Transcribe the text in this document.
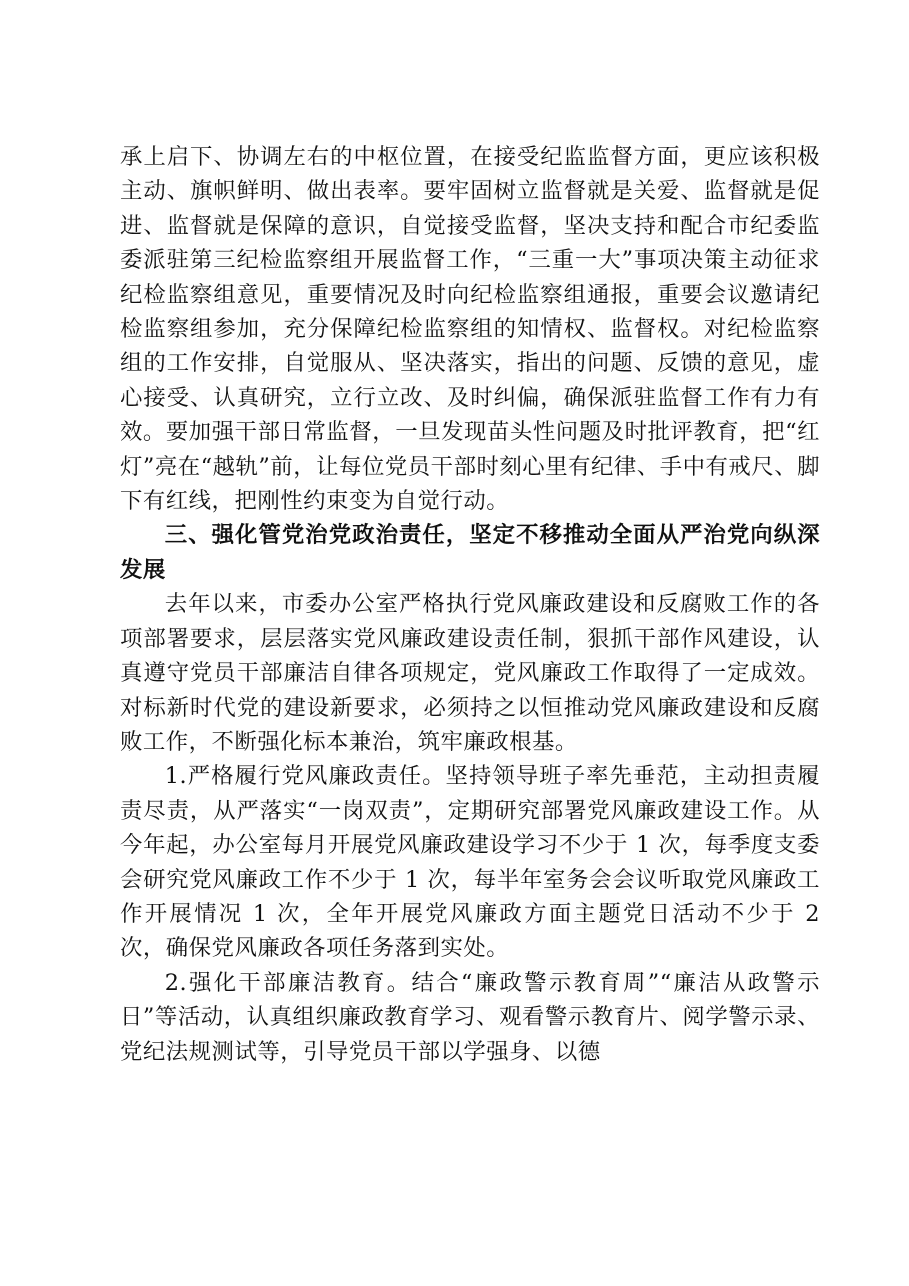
承上启下、协调左右的中枢位置，在接受纪监监督方面，更应该积极主动、旗帜鲜明、做出表率。要牢固树立监督就是关爱、监督就是促进、监督就是保障的意识，自觉接受监督，坚决支持和配合市纪委监委派驻第三纪检监察组开展监督工作，“三重一大”事项决策主动征求纪检监察组意见，重要情况及时向纪检监察组通报，重要会议邀请纪检监察组参加，充分保障纪检监察组的知情权、监督权。对纪检监察组的工作安排，自觉服从、坚决落实，指出的问题、反馈的意见，虚心接受、认真研究，立行立改、及时纠偏，确保派驻监督工作有力有效。要加强干部日常监督，一旦发现苗头性问题及时批评教育，把“红灯”亮在“越轨”前，让每位党员干部时刻心里有纪律、手中有戒尺、脚下有红线，把刚性约束变为自觉行动。

三、强化管党治党政治责任，坚定不移推动全面从严治党向纵深发展

去年以来，市委办公室严格执行党风廉政建设和反腐败工作的各项部署要求，层层落实党风廉政建设责任制，狠抓干部作风建设，认真遵守党员干部廉洁自律各项规定，党风廉政工作取得了一定成效。对标新时代党的建设新要求，必须持之以恒推动党风廉政建设和反腐败工作，不断强化标本兼治，筑牢廉政根基。

1.严格履行党风廉政责任。坚持领导班子率先垂范，主动担责履责尽责，从严落实“一岗双责”，定期研究部署党风廉政建设工作。从今年起，办公室每月开展党风廉政建设学习不少于 1 次，每季度支委会研究党风廉政工作不少于 1 次，每半年室务会会议听取党风廉政工作开展情况 1 次，全年开展党风廉政方面主题党日活动不少于 2 次，确保党风廉政各项任务落到实处。

2.强化干部廉洁教育。结合“廉政警示教育周”“廉洁从政警示日”等活动，认真组织廉政教育学习、观看警示教育片、阅学警示录、党纪法规测试等，引导党员干部以学强身、以德
